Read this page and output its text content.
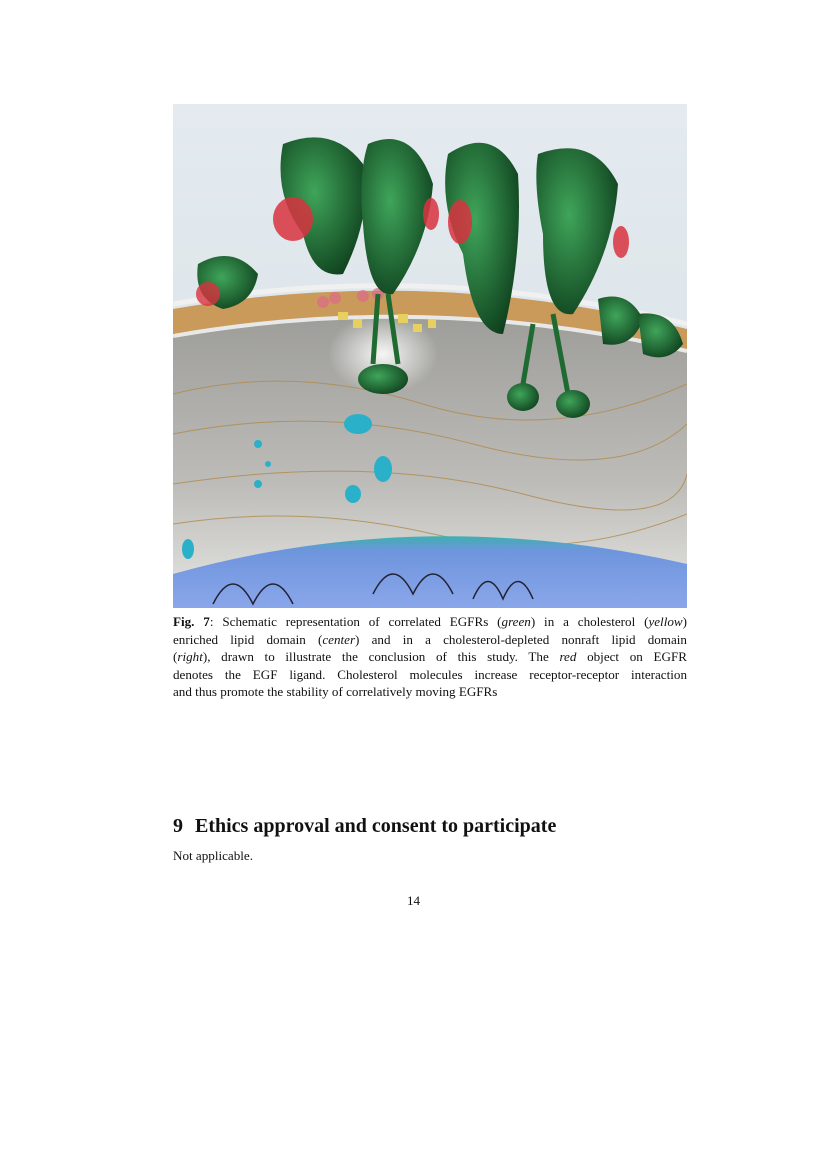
Fig. 7: Schematic representation of correlated EGFRs (green) in a cholesterol (yellow)
enriched lipid domain (center) and in a cholesterol-depleted nonraft lipid domain
(right), drawn to illustrate the conclusion of this study. The red object on EGFR
denotes the EGF ligand. Cholesterol molecules increase receptor-receptor interaction
and thus promote the stability of correlatively moving EGFRs
9 Ethics approval and consent to participate
Not applicable.
14
